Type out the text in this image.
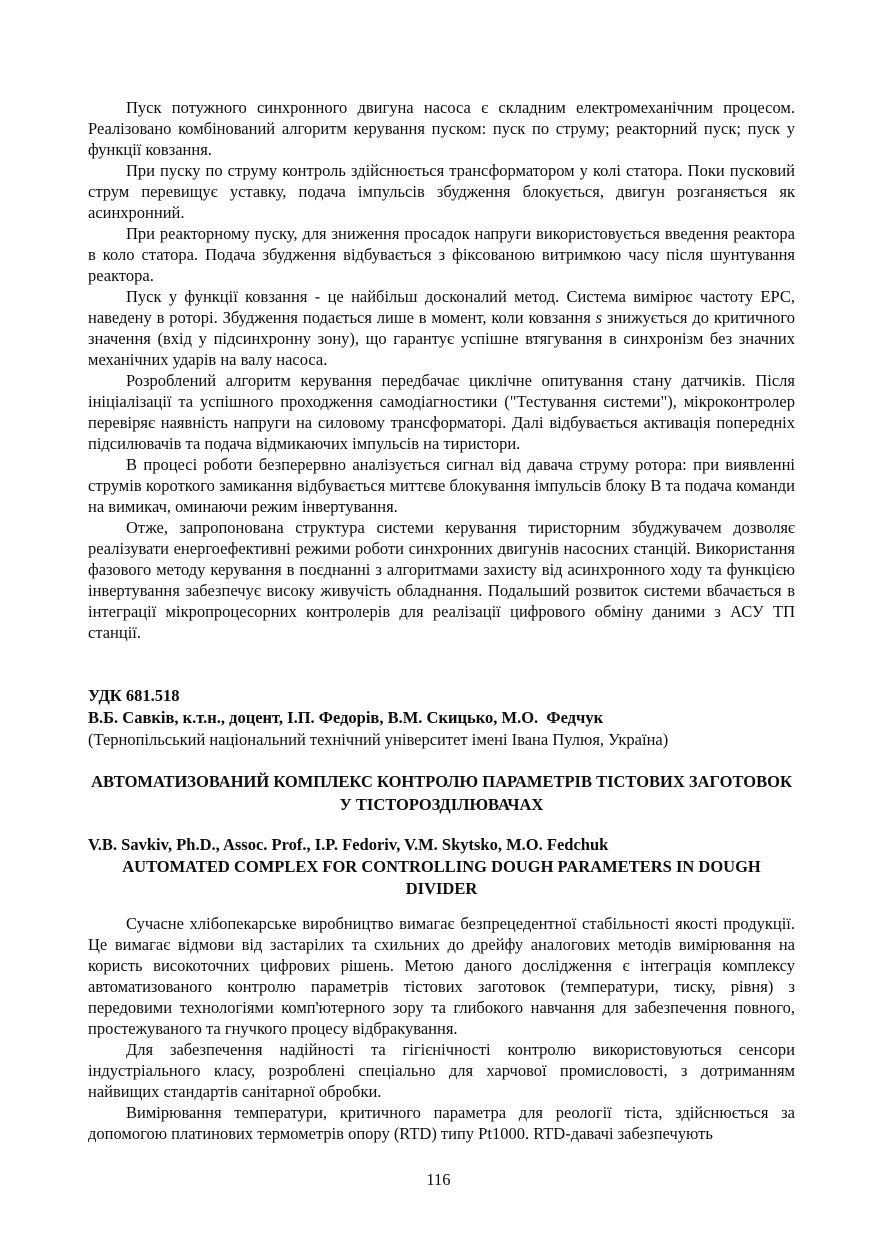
Пуск потужного синхронного двигуна насоса є складним електромеханічним процесом. Реалізовано комбінований алгоритм керування пуском: пуск по струму; реакторний пуск; пуск у функції ковзання.

При пуску по струму контроль здійснюється трансформатором у колі статора. Поки пусковий струм перевищує уставку, подача імпульсів збудження блокується, двигун розганяється як асинхронний.

При реакторному пуску, для зниження просадок напруги використовується введення реактора в коло статора. Подача збудження відбувається з фіксованою витримкою часу після шунтування реактора.

Пуск у функції ковзання - це найбільш досконалий метод. Система вимірює частоту ЕРС, наведену в роторі. Збудження подається лише в момент, коли ковзання s знижується до критичного значення (вхід у підсинхронну зону), що гарантує успішне втягування в синхронізм без значних механічних ударів на валу насоса.

Розроблений алгоритм керування передбачає циклічне опитування стану датчиків. Після ініціалізації та успішного проходження самодіагностики ("Тестування системи"), мікроконтролер перевіряє наявність напруги на силовому трансформаторі. Далі відбувається активація попередніх підсилювачів та подача відмикаючих імпульсів на тиристори.

В процесі роботи безперервно аналізується сигнал від давача струму ротора: при виявленні струмів короткого замикання відбувається миттєве блокування імпульсів блоку В та подача команди на вимикач, оминаючи режим інвертування.

Отже, запропонована структура системи керування тиристорним збуджувачем дозволяє реалізувати енергоефективні режими роботи синхронних двигунів насосних станцій. Використання фазового методу керування в поєднанні з алгоритмами захисту від асинхронного ходу та функцією інвертування забезпечує високу живучість обладнання. Подальший розвиток системи вбачається в інтеграції мікропроцесорних контролерів для реалізації цифрового обміну даними з АСУ ТП станції.

УДК 681.518

В.Б. Савків, к.т.н., доцент, І.П. Федорів, В.М. Скицько, М.О.  Федчук

(Тернопільський національний технічний університет імені Івана Пулюя, Україна)

АВТОМАТИЗОВАНИЙ КОМПЛЕКС КОНТРОЛЮ ПАРАМЕТРІВ ТІСТОВИХ ЗАГОТОВОК У ТІСТОРОЗДІЛЮВАЧАХ

V.B. Savkiv, Ph.D., Assoc. Prof., I.P. Fedoriv, V.M. Skytsko, M.O. Fedchuk

AUTOMATED COMPLEX FOR CONTROLLING DOUGH PARAMETERS IN DOUGH DIVIDER

Сучасне хлібопекарське виробництво вимагає безпрецедентної стабільності якості продукції. Це вимагає відмови від застарілих та схильних до дрейфу аналогових методів вимірювання на користь високоточних цифрових рішень. Метою даного дослідження є інтеграція комплексу автоматизованого контролю параметрів тістових заготовок (температури, тиску, рівня) з передовими технологіями комп'ютерного зору та глибокого навчання для забезпечення повного, простежуваного та гнучкого процесу відбракування.

Для забезпечення надійності та гігієнічності контролю використовуються сенсори індустріального класу, розроблені спеціально для харчової промисловості, з дотриманням найвищих стандартів санітарної обробки.

Вимірювання температури, критичного параметра для реології тіста, здійснюється за допомогою платинових термометрів опору (RTD) типу Pt1000. RTD-давачі забезпечують

116
